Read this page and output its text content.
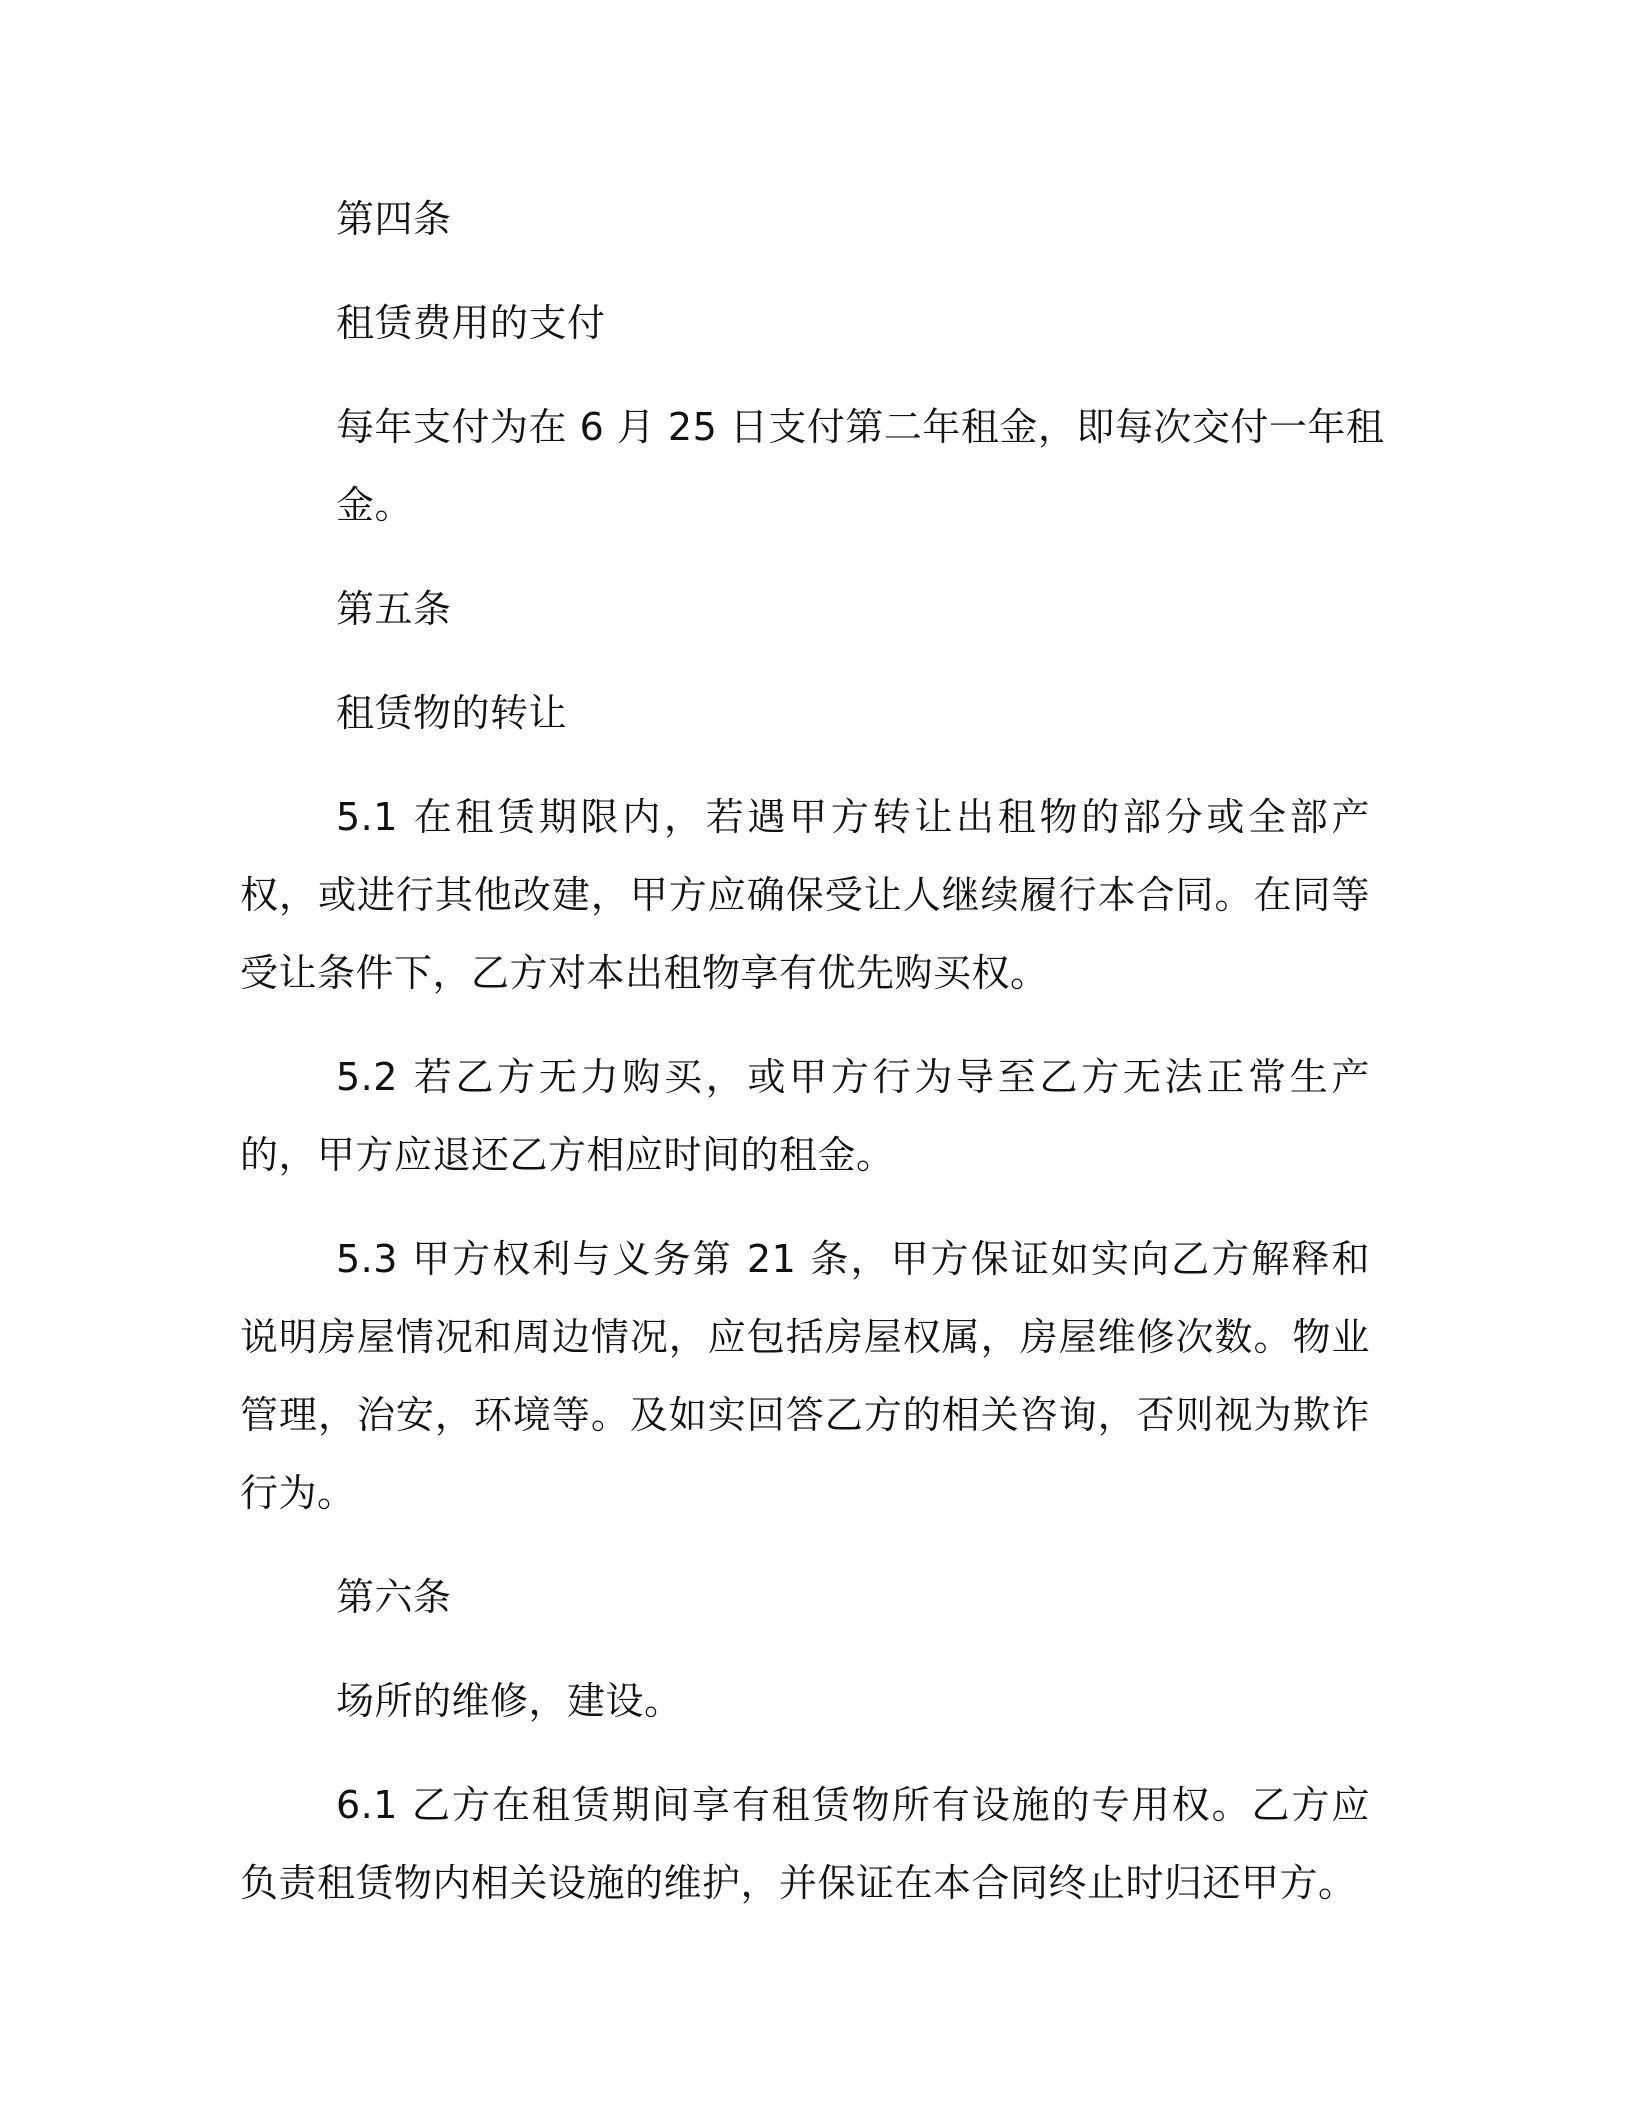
第四条
租赁费用的支付
每年支付为在 6 月 25 日支付第二年租金，即每次交付一年租金。
第五条
租赁物的转让

5.1 在租赁期限内，若遇甲方转让出租物的部分或全部产权，或进行其他改建，甲方应确保受让人继续履行本合同。在同等受让条件下，乙方对本出租物享有优先购买权。

5.2 若乙方无力购买，或甲方行为导至乙方无法正常生产的，甲方应退还乙方相应时间的租金。

5.3 甲方权利与义务第 21 条，甲方保证如实向乙方解释和说明房屋情况和周边情况，应包括房屋权属，房屋维修次数。物业管理，治安，环境等。及如实回答乙方的相关咨询，否则视为欺诈行为。

第六条
场所的维修，建设。

6.1 乙方在租赁期间享有租赁物所有设施的专用权。乙方应负责租赁物内相关设施的维护，并保证在本合同终止时归还甲方。
